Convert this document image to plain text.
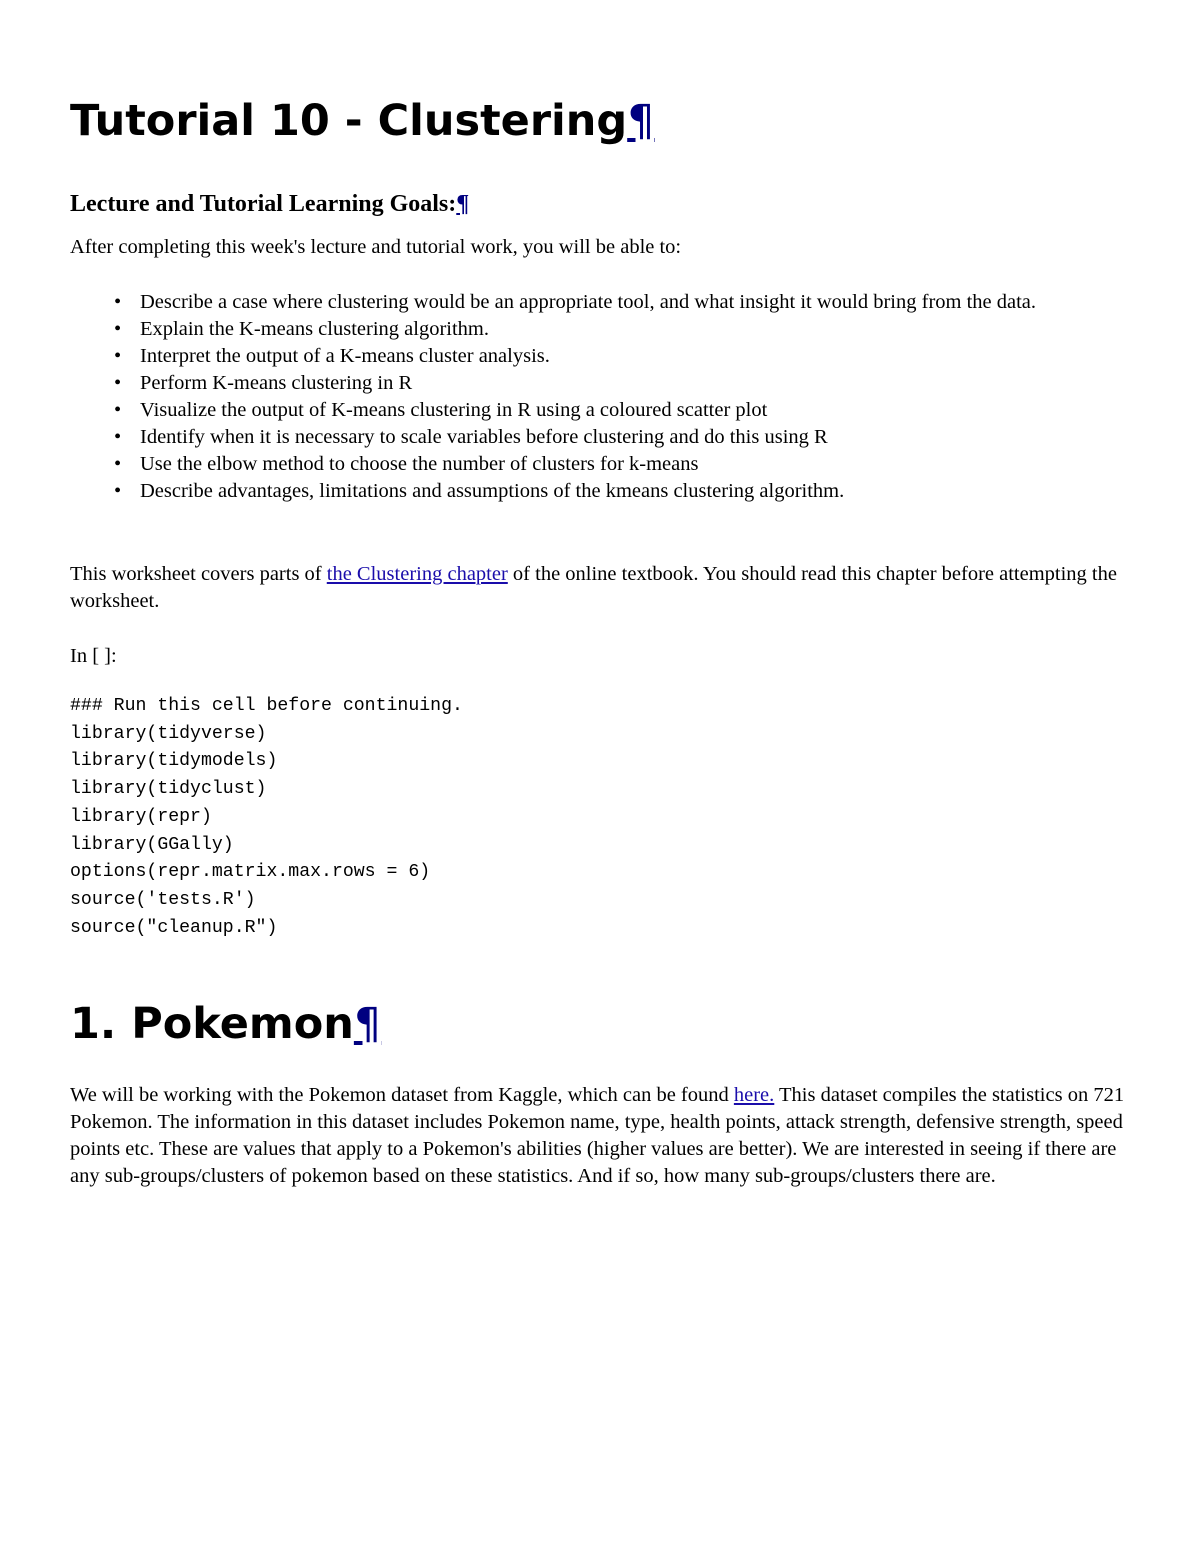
Tutorial 10 - Clustering¶
Lecture and Tutorial Learning Goals:¶

After completing this week's lecture and tutorial work, you will be able to:

• Describe a case where clustering would be an appropriate tool, and what insight it would bring from the data.
• Explain the K-means clustering algorithm.
• Interpret the output of a K-means cluster analysis.
• Perform K-means clustering in R
• Visualize the output of K-means clustering in R using a coloured scatter plot
• Identify when it is necessary to scale variables before clustering and do this using R
• Use the elbow method to choose the number of clusters for k-means
• Describe advantages, limitations and assumptions of the kmeans clustering algorithm.

This worksheet covers parts of the Clustering chapter of the online textbook. You should read this chapter before attempting the worksheet.

In [ ]:
### Run this cell before continuing.
library(tidyverse)
library(tidymodels)
library(tidyclust)
library(repr)
library(GGally)
options(repr.matrix.max.rows = 6)
source('tests.R')
source("cleanup.R")
1. Pokemon¶

We will be working with the Pokemon dataset from Kaggle, which can be found here. This dataset compiles the statistics on 721 Pokemon. The information in this dataset includes Pokemon name, type, health points, attack strength, defensive strength, speed points etc. These are values that apply to a Pokemon's abilities (higher values are better). We are interested in seeing if there are any sub-groups/clusters of pokemon based on these statistics. And if so, how many sub-groups/clusters there are.
